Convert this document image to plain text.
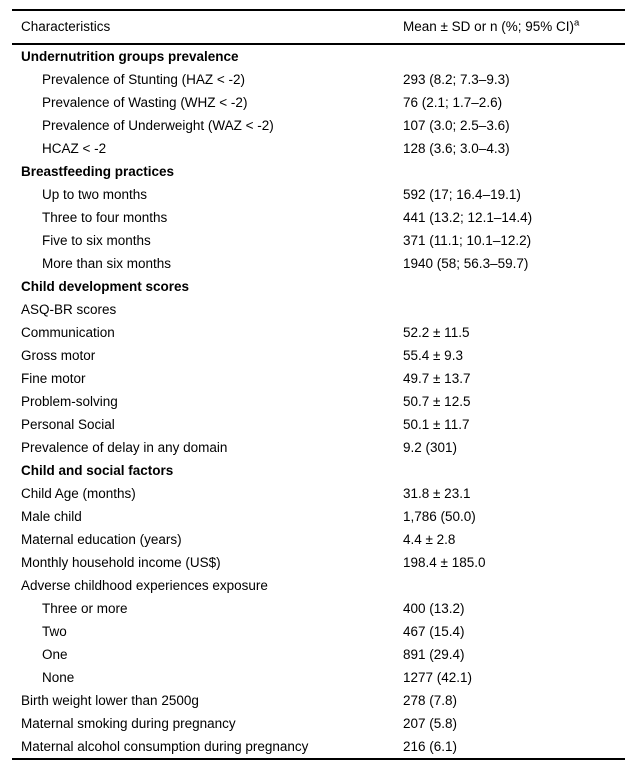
Characteristics	Mean ± SD or n (%; 95% CI)$^a$
Undernutrition groups prevalence
Prevalence of Stunting (HAZ < -2)	293 (8.2; 7.3–9.3)
Prevalence of Wasting (WHZ < -2)	76 (2.1; 1.7–2.6)
Prevalence of Underweight (WAZ < -2)	107 (3.0; 2.5–3.6)
HCAZ < -2	128 (3.6; 3.0–4.3)
Breastfeeding practices
Up to two months	592 (17; 16.4–19.1)
Three to four months	441 (13.2; 12.1–14.4)
Five to six months	371 (11.1; 10.1–12.2)
More than six months	1940 (58; 56.3–59.7)
Child development scores
ASQ-BR scores
Communication	52.2 ± 11.5
Gross motor	55.4 ± 9.3
Fine motor	49.7 ± 13.7
Problem-solving	50.7 ± 12.5
Personal Social	50.1 ± 11.7
Prevalence of delay in any domain	9.2 (301)
Child and social factors
Child Age (months)	31.8 ± 23.1
Male child	1,786 (50.0)
Maternal education (years)	4.4 ± 2.8
Monthly household income (US$)	198.4 ± 185.0
Adverse childhood experiences exposure
Three or more	400 (13.2)
Two	467 (15.4)
One	891 (29.4)
None	1277 (42.1)
Birth weight lower than 2500g	278 (7.8)
Maternal smoking during pregnancy	207 (5.8)
Maternal alcohol consumption during pregnancy	216 (6.1)
